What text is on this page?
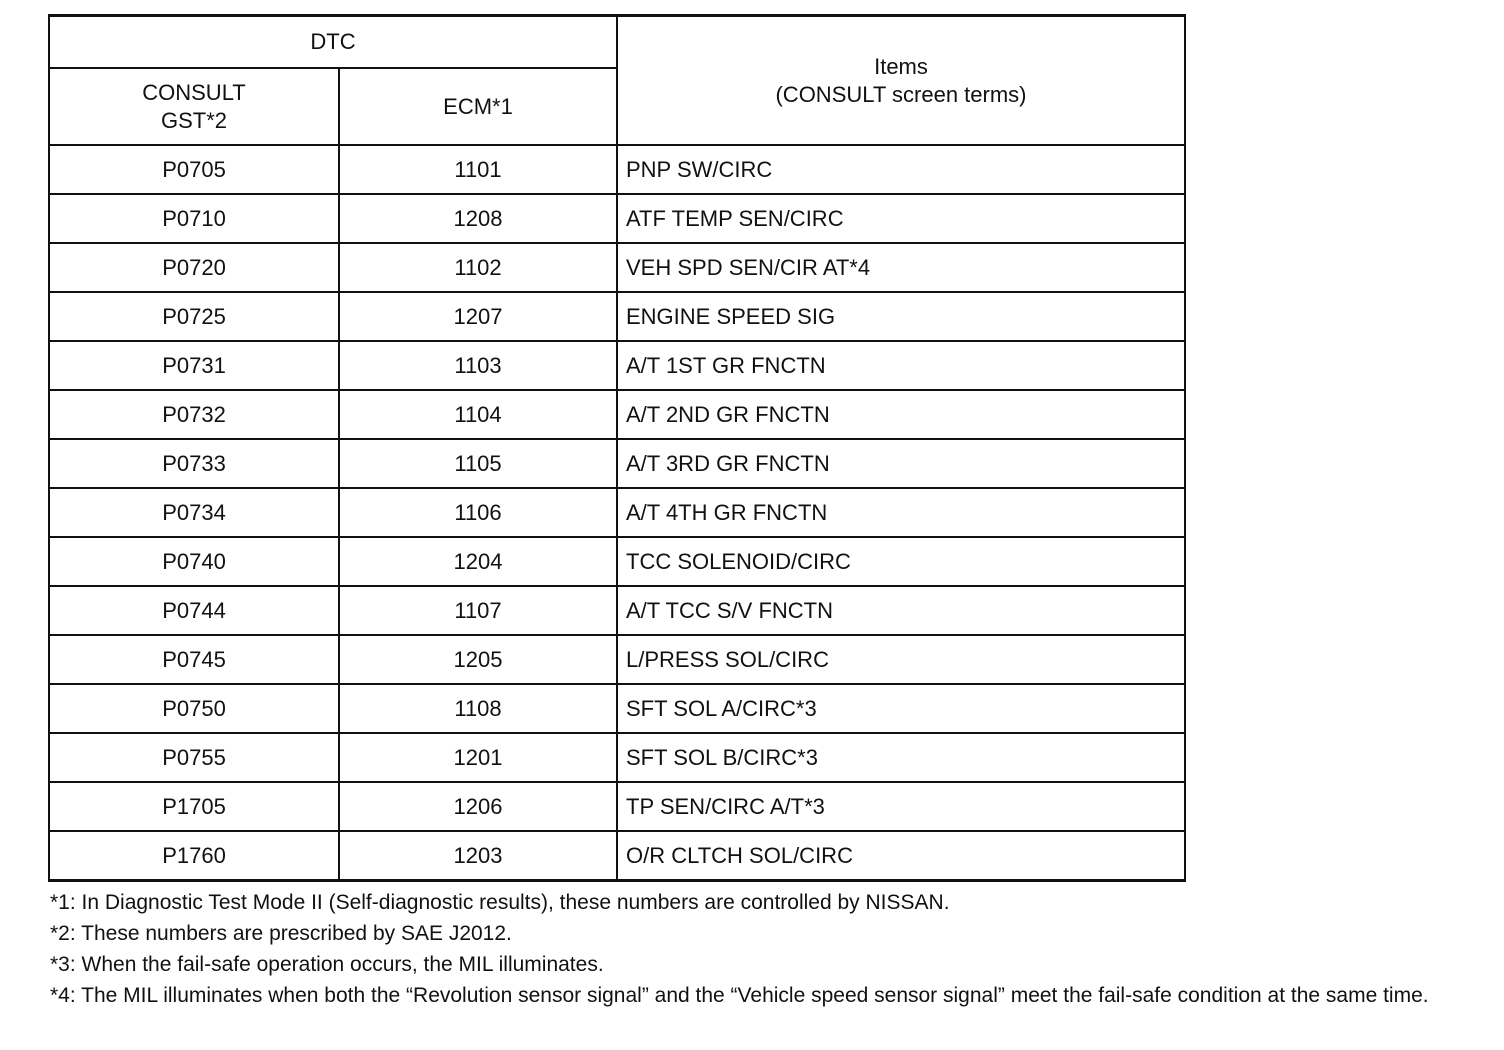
DTC		Items
(CONSULT screen terms)

CONSULT
GST*2	ECM*1	
P0705	1101	PNP SW/CIRC
P0710	1208	ATF TEMP SEN/CIRC
P0720	1102	VEH SPD SEN/CIR AT*4
P0725	1207	ENGINE SPEED SIG
P0731	1103	A/T 1ST GR FNCTN
P0732	1104	A/T 2ND GR FNCTN
P0733	1105	A/T 3RD GR FNCTN
P0734	1106	A/T 4TH GR FNCTN
P0740	1204	TCC SOLENOID/CIRC
P0744	1107	A/T TCC S/V FNCTN
P0745	1205	L/PRESS SOL/CIRC
P0750	1108	SFT SOL A/CIRC*3
P0755	1201	SFT SOL B/CIRC*3
P1705	1206	TP SEN/CIRC A/T*3
P1760	1203	O/R CLTCH SOL/CIRC

*1: In Diagnostic Test Mode II (Self-diagnostic results), these numbers are controlled by NISSAN.

*2: These numbers are prescribed by SAE J2012.

*3: When the fail-safe operation occurs, the MIL illuminates.

*4: The MIL illuminates when both the “Revolution sensor signal” and the “Vehicle speed sensor signal” meet the fail-safe condition at the same time.
